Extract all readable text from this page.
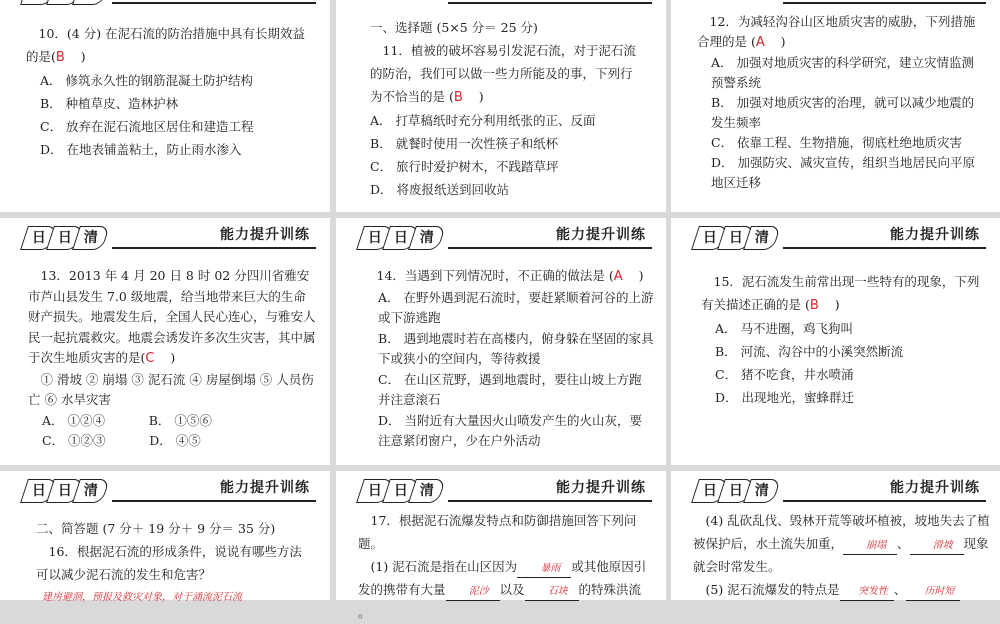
10．(4 分) 在泥石流的防治措施中具有长期效益的是(B )
A． 修筑永久性的钢筋混凝土防护结构
B． 种植草皮、造林护林
C． 放弃在泥石流地区居住和建造工程
D． 在地表铺盖粘土，防止雨水渗入
一、选择题 (5×5 分＝ 25 分)
11．植被的破坏容易引发泥石流，对于泥石流的防治，我们可以做一些力所能及的事，下列行为不恰当的是 (B )
A． 打草稿纸时充分利用纸张的正、反面
B． 就餐时使用一次性筷子和纸杯
C． 旅行时爱护树木，不践踏草坪
D． 将废报纸送到回收站
12．为减轻沟谷山区地质灾害的威胁，下列措施合理的是 (A )
A． 加强对地质灾害的科学研究，建立灾情监测预警系统
B． 加强对地质灾害的治理，就可以减少地震的发生频率
C． 依靠工程、生物措施，彻底杜绝地质灾害
D． 加强防灾、减灾宣传，组织当地居民向平原地区迁移
日 日 清	能力提升训练
13．2013 年 4 月 20 日 8 时 02 分四川省雅安市芦山县发生 7.0 级地震，给当地带来巨大的生命财产损失。地震发生后，全国人民心连心，与雅安人民一起抗震救灾。地震会诱发许多次生灾害，其中属于次生地质灾害的是(C )
① 滑坡 ② 崩塌 ③ 泥石流 ④ 房屋倒塌 ⑤ 人员伤亡 ⑥ 水旱灾害
A． ①②④	B． ①⑤⑥
C． ①②③	D． ④⑤
日 日 清	能力提升训练
14．当遇到下列情况时，不正确的做法是 (A )
A． 在野外遇到泥石流时，要赶紧顺着河谷的上游或下游逃跑
B． 遇到地震时若在高楼内，俯身躲在坚固的家具下或狭小的空间内，等待救援
C． 在山区荒野，遇到地震时，要往山坡上方跑并注意滚石
D． 当附近有大量因火山喷发产生的火山灰，要注意紧闭窗户，少在户外活动
日 日 清	能力提升训练
15．泥石流发生前常出现一些特有的现象，下列有关描述正确的是 (B )
A． 马不进圈，鸡飞狗叫
B． 河流、沟谷中的小溪突然断流
C． 猪不吃食，井水喷涌
D． 出现地光，蜜蜂群迁
日 日 清	能力提升训练
二、简答题 (7 分＋ 19 分＋ 9 分＝ 35 分)
16．根据泥石流的形成条件，说说有哪些方法可以减少泥石流的发生和危害？
建房避洄，预报及救灾对象，对于涌流泥石流
日 日 清	能力提升训练
17．根据泥石流爆发特点和防御措施回答下列问题。
(1) 泥石流是指在山区因为 暴雨 或其他原因引发的携带有大量 泥沙 以及 石块 的特殊洪流
。
日 日 清	能力提升训练
(4) 乱砍乱伐、毁林开荒等破坏植被，坡地失去了植被保护后，水土流失加重， 崩塌 、 滑坡 现象就会时常发生。
(5) 泥石流爆发的特点是 突发性 、 历时短
